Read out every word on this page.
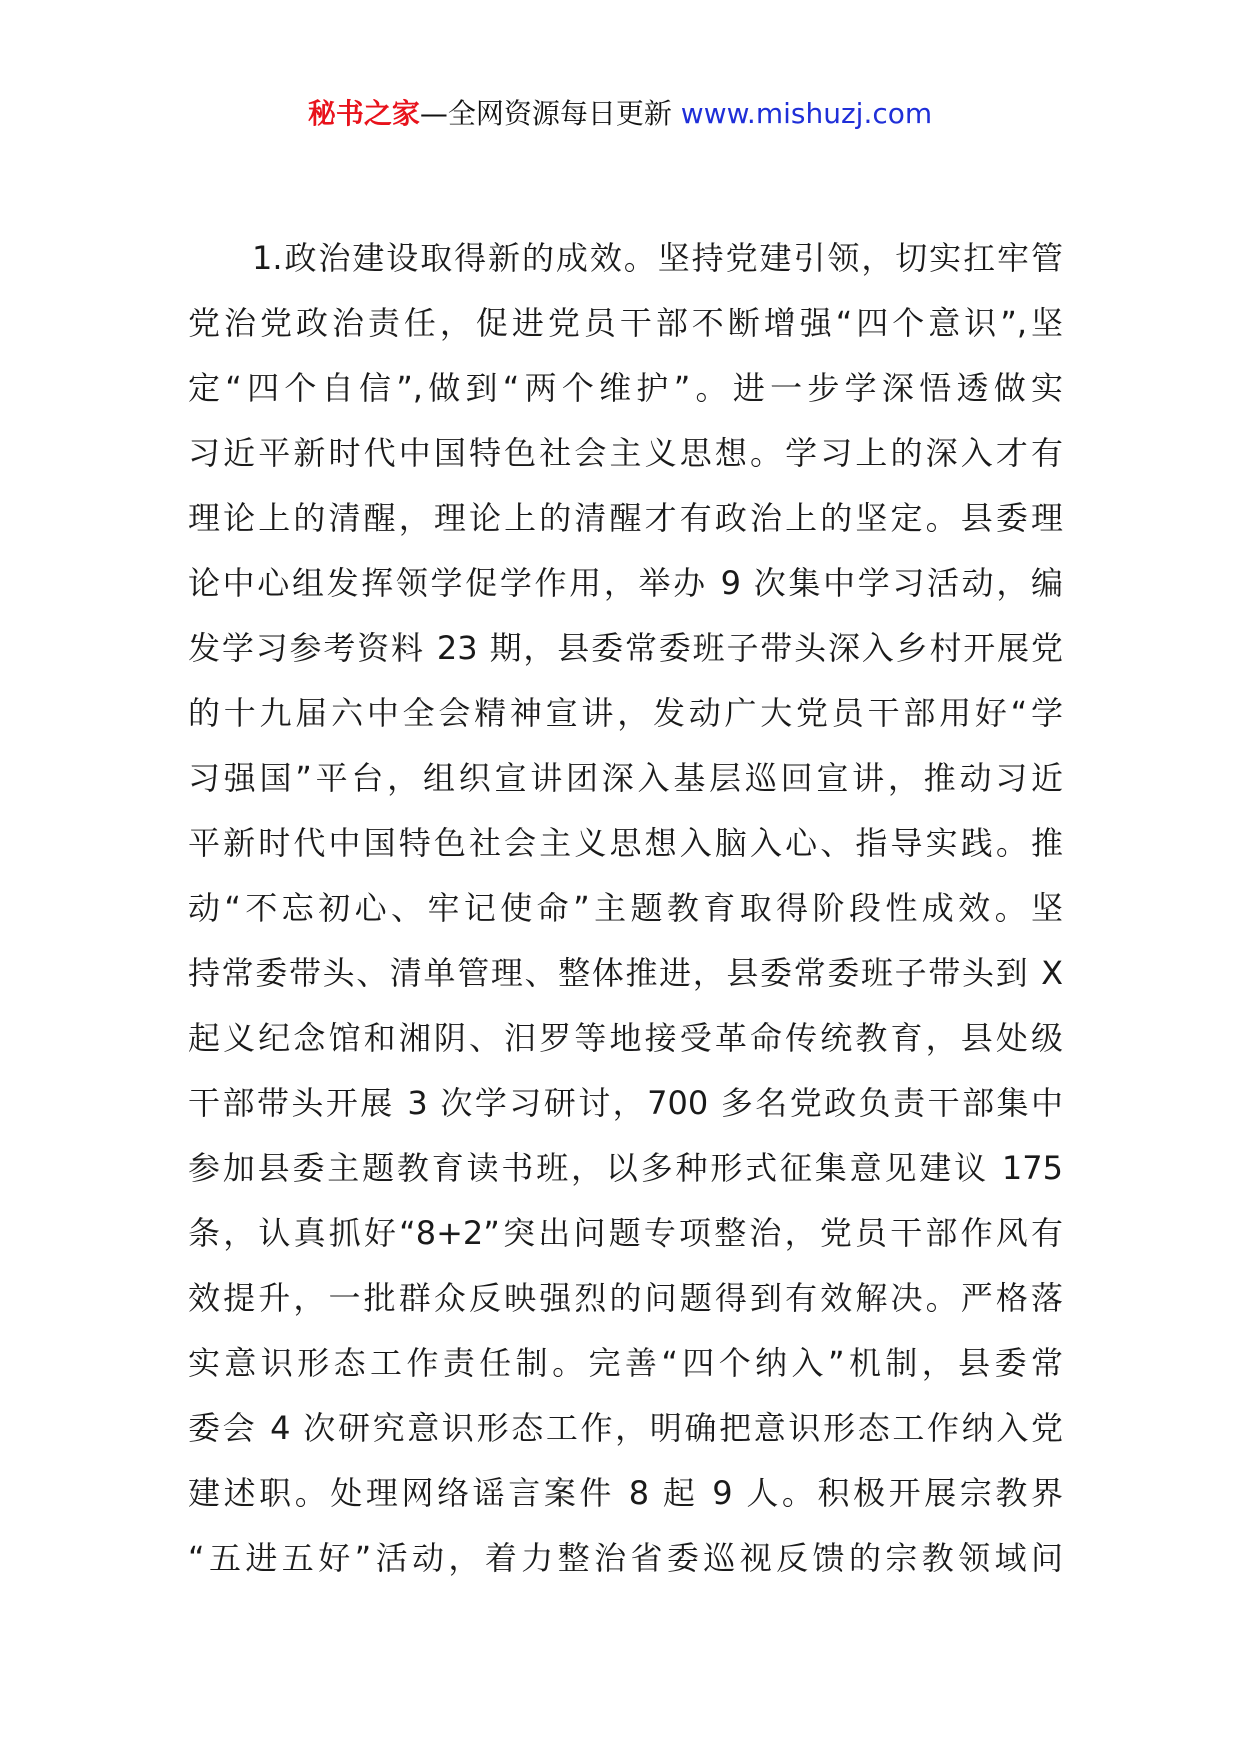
秘书之家—全网资源每日更新 www.mishuzj.com
1.政治建设取得新的成效。坚持党建引领，切实扛牢管
党治党政治责任，促进党员干部不断增强“四个意识”,坚
定“四个自信”,做到“两个维护”。进一步学深悟透做实
习近平新时代中国特色社会主义思想。学习上的深入才有
理论上的清醒，理论上的清醒才有政治上的坚定。县委理
论中心组发挥领学促学作用，举办 9 次集中学习活动，编
发学习参考资料 23 期，县委常委班子带头深入乡村开展党
的十九届六中全会精神宣讲，发动广大党员干部用好“学
习强国”平台，组织宣讲团深入基层巡回宣讲，推动习近
平新时代中国特色社会主义思想入脑入心、指导实践。推
动“不忘初心、牢记使命”主题教育取得阶段性成效。坚
持常委带头、清单管理、整体推进，县委常委班子带头到 X
起义纪念馆和湘阴、汨罗等地接受革命传统教育，县处级
干部带头开展 3 次学习研讨，700 多名党政负责干部集中
参加县委主题教育读书班，以多种形式征集意见建议 175
条，认真抓好“8+2”突出问题专项整治，党员干部作风有
效提升，一批群众反映强烈的问题得到有效解决。严格落
实意识形态工作责任制。完善“四个纳入”机制，县委常
委会 4 次研究意识形态工作，明确把意识形态工作纳入党
建述职。处理网络谣言案件 8 起 9 人。积极开展宗教界
“五进五好”活动，着力整治省委巡视反馈的宗教领域问
